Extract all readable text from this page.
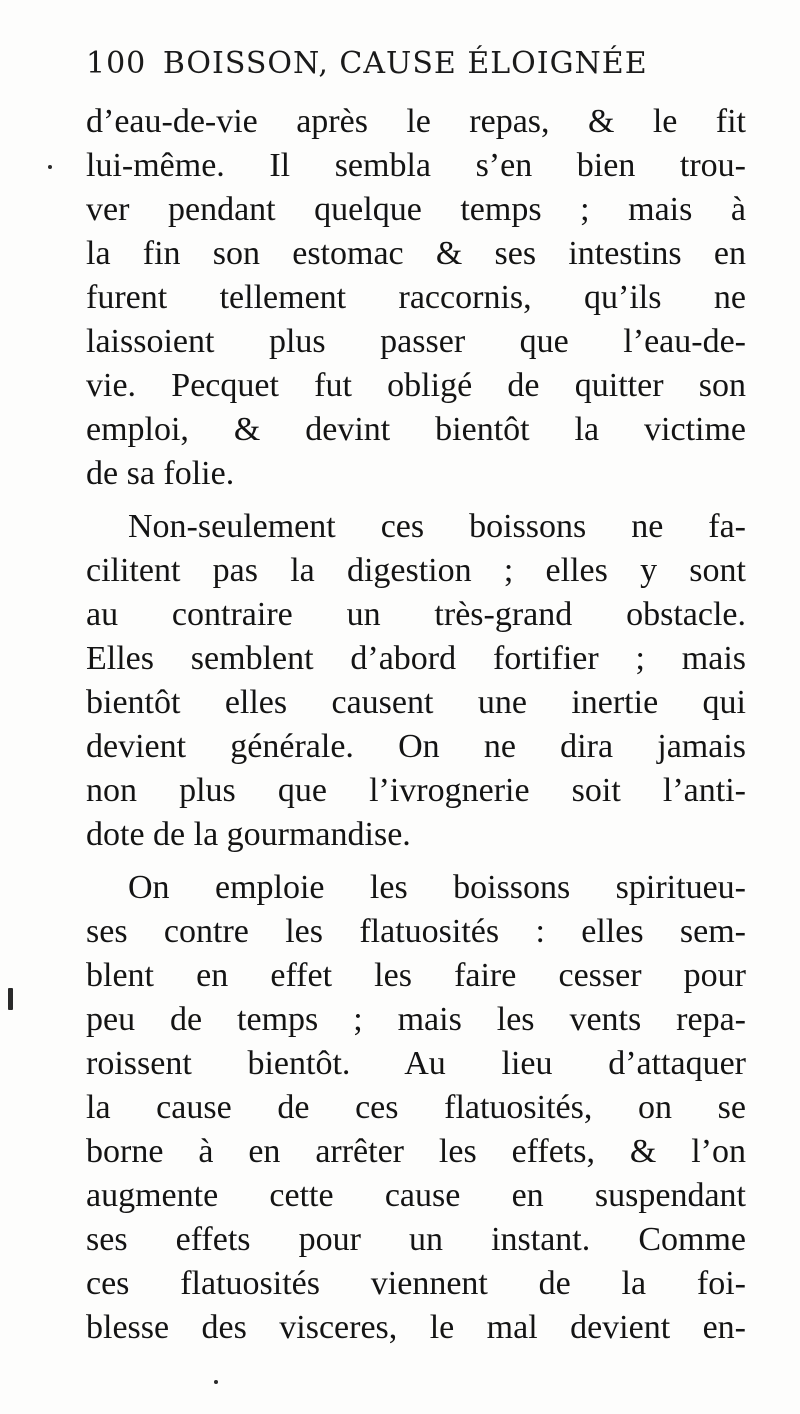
100 BOISSON, CAUSE ÉLOIGNÉE
d’eau-de-vie après le repas, & le fit
lui-même. Il sembla s’en bien trou-
ver pendant quelque temps ; mais à
la fin son estomac & ses intestins en
furent tellement raccornis, qu’ils ne
laissoient plus passer que l’eau-de-
vie. Pecquet fut obligé de quitter son
emploi, & devint bientôt la victime
de sa folie.
Non-seulement ces boissons ne fa-
cilitent pas la digestion ; elles y sont
au contraire un très-grand obstacle.
Elles semblent d’abord fortifier ; mais
bientôt elles causent une inertie qui
devient générale. On ne dira jamais
non plus que l’ivrognerie soit l’anti-
dote de la gourmandise.
On emploie les boissons spiritueu-
ses contre les flatuosités : elles sem-
blent en effet les faire cesser pour
peu de temps ; mais les vents repa-
roissent bientôt. Au lieu d’attaquer
la cause de ces flatuosités, on se
borne à en arrêter les effets, & l’on
augmente cette cause en suspendant
ses effets pour un instant. Comme
ces flatuosités viennent de la foi-
blesse des visceres, le mal devient en-
